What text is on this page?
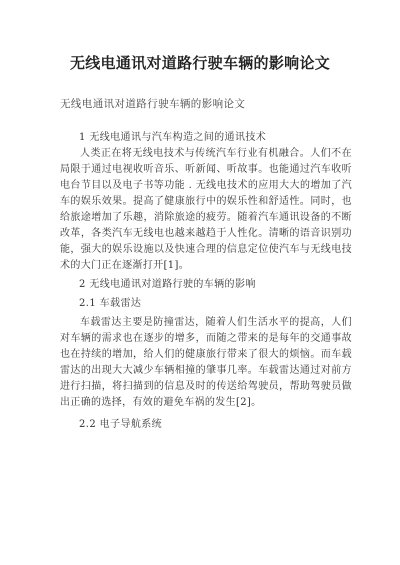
无线电通讯对道路行驶车辆的影响论文
无线电通讯对道路行驶车辆的影响论文

1 无线电通讯与汽车构造之间的通讯技术

人类正在将无线电技术与传统汽车行业有机融合。人们不在局限于通过电视收听音乐、听新闻、听故事。也能通过汽车收听电台节目以及电子书等功能 . 无线电技术的应用大大的增加了汽车的娱乐效果。提高了健康旅行中的娱乐性和舒适性。同时，也给旅途增加了乐趣，消除旅途的疲劳。随着汽车通讯设备的不断改革，各类汽车无线电也越来越趋于人性化。清晰的语音识别功能，强大的娱乐设施以及快速合理的信息定位使汽车与无线电技术的大门正在逐渐打开[1]。

2 无线电通讯对道路行驶的车辆的影响

2.1 车载雷达

车载雷达主要是防撞雷达，随着人们生活水平的提高，人们对车辆的需求也在逐步的增多，而随之带来的是每年的交通事故也在持续的增加，给人们的健康旅行带来了很大的烦恼。而车载雷达的出现大大减少车辆相撞的肇事几率。车载雷达通过对前方进行扫描，将扫描到的信息及时的传送给驾驶员，帮助驾驶员做出正确的选择，有效的避免车祸的发生[2]。

2.2 电子导航系统
